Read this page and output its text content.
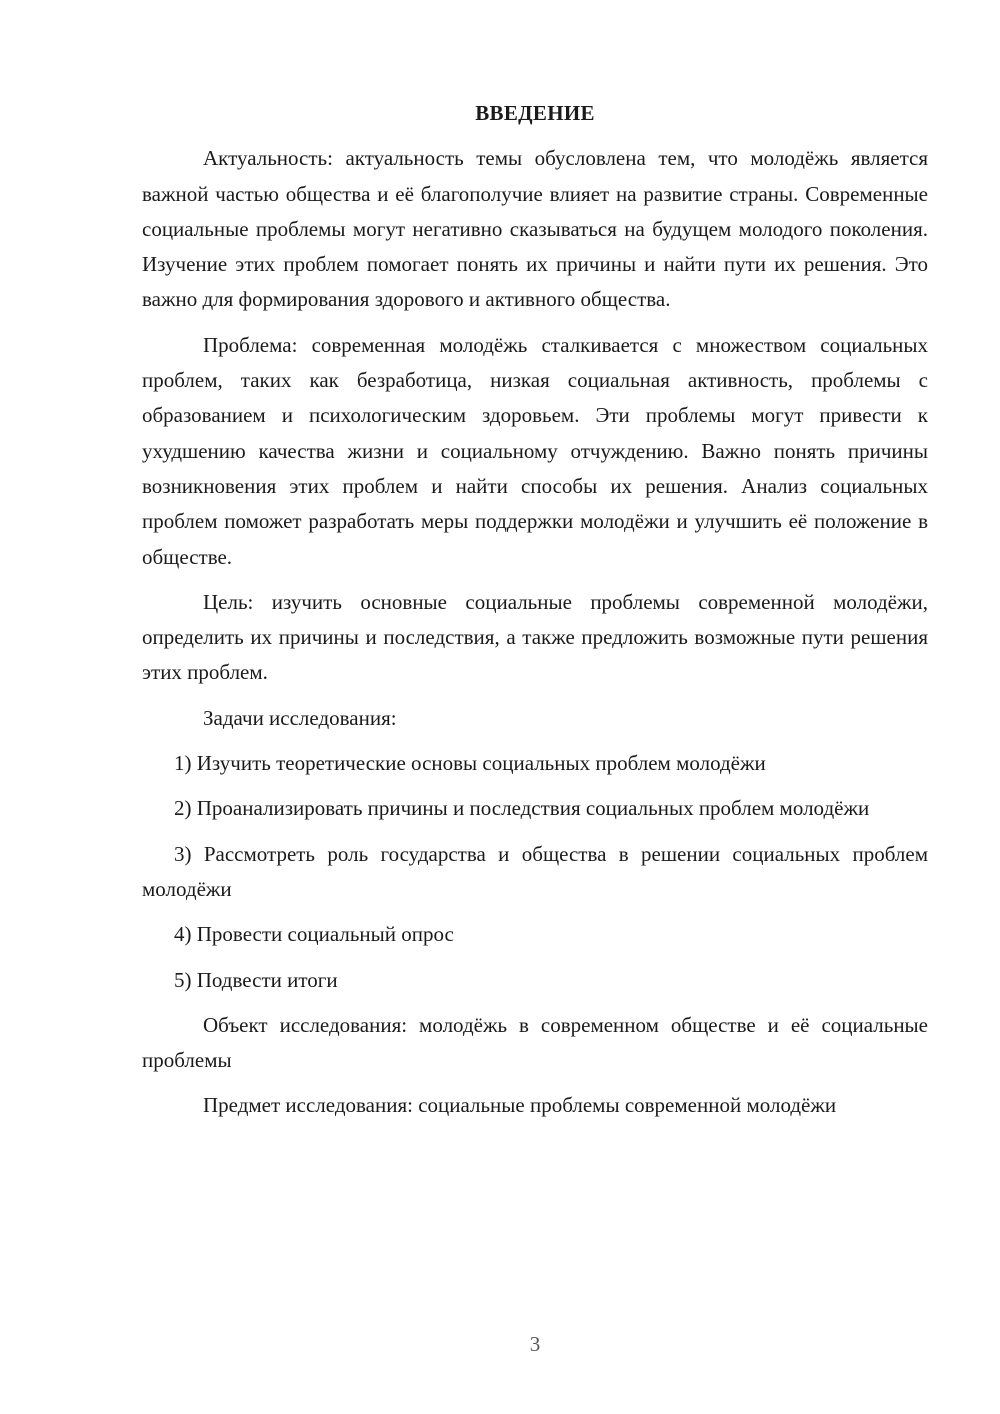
ВВЕДЕНИЕ

Актуальность: актуальность темы обусловлена тем, что молодёжь является важной частью общества и её благополучие влияет на развитие страны. Современные социальные проблемы могут негативно сказываться на будущем молодого поколения. Изучение этих проблем помогает понять их причины и найти пути их решения. Это важно для формирования здорового и активного общества.

Проблема: современная молодёжь сталкивается с множеством социальных проблем, таких как безработица, низкая социальная активность, проблемы с образованием и психологическим здоровьем. Эти проблемы могут привести к ухудшению качества жизни и социальному отчуждению. Важно понять причины возникновения этих проблем и найти способы их решения. Анализ социальных проблем поможет разработать меры поддержки молодёжи и улучшить её положение в обществе.

Цель: изучить основные социальные проблемы современной молодёжи, определить их причины и последствия, а также предложить возможные пути решения этих проблем.

Задачи исследования:

1) Изучить теоретические основы социальных проблем молодёжи

2) Проанализировать причины и последствия социальных проблем молодёжи

3) Рассмотреть роль государства и общества в решении социальных проблем молодёжи

4) Провести социальный опрос

5) Подвести итоги

Объект исследования: молодёжь в современном обществе и её социальные проблемы

Предмет исследования: социальные проблемы современной молодёжи

3
